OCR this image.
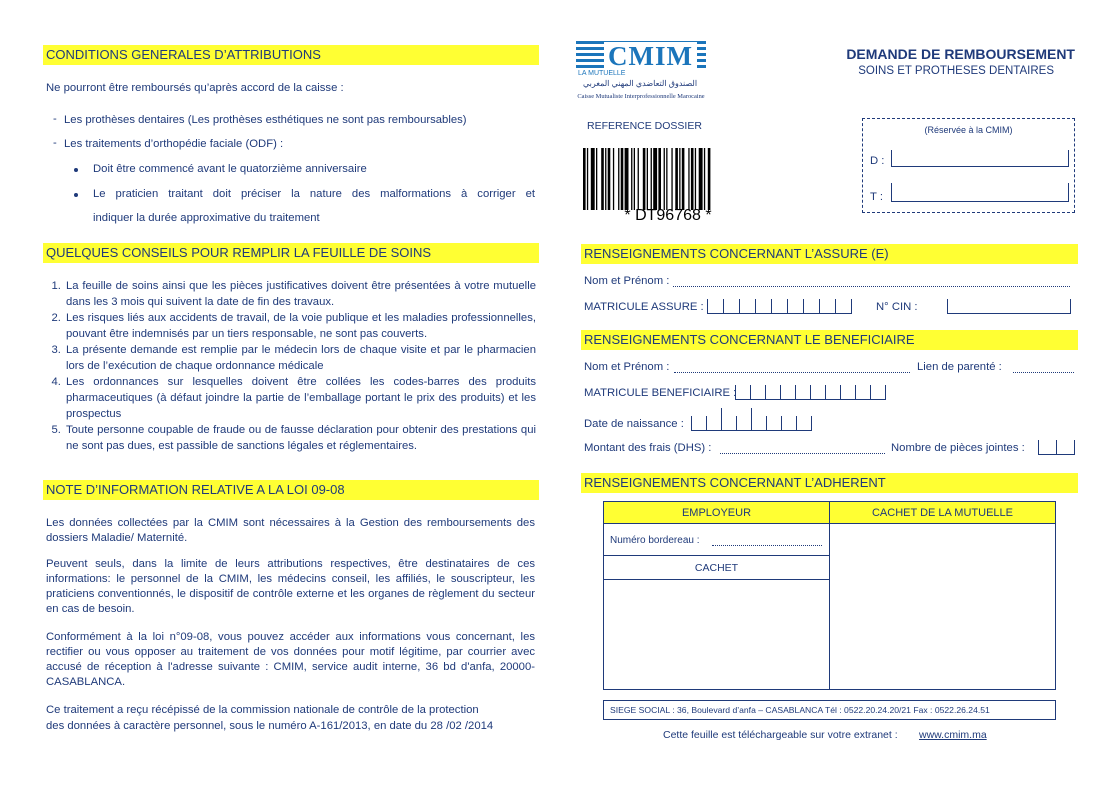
CONDITIONS GENERALES D’ATTRIBUTIONS
Ne pourront être remboursés qu’après accord de la caisse :
- Les prothèses dentaires (Les prothèses esthétiques ne sont pas remboursables)
- Les traitements d’orthopédie faciale (ODF) :
Doit être commencé avant le quatorzième anniversaire
Le praticien traitant doit préciser la nature des malformations à corriger et
indiquer la durée approximative du traitement
QUELQUES CONSEILS POUR REMPLIR LA FEUILLE DE SOINS
1. La feuille de soins ainsi que les pièces justificatives doivent être présentées à votre mutuelle dans les 3 mois qui suivent la date de fin des travaux.
2. Les risques liés aux accidents de travail, de la voie publique et les maladies professionnelles, pouvant être indemnisés par un tiers responsable, ne sont pas couverts.
3. La présente demande est remplie par le médecin lors de chaque visite et par le pharmacien lors de l’exécution de chaque ordonnance médicale
4. Les ordonnances sur lesquelles doivent être collées les codes-barres des produits pharmaceutiques (à défaut joindre la partie de l’emballage portant le prix des produits) et les prospectus
5. Toute personne coupable de fraude ou de fausse déclaration pour obtenir des prestations qui ne sont pas dues, est passible de sanctions légales et réglementaires.
NOTE D’INFORMATION RELATIVE A LA LOI 09-08
Les données collectées par la CMIM sont nécessaires à la Gestion des remboursements des dossiers Maladie/ Maternité.
Peuvent seuls, dans la limite de leurs attributions respectives, être destinataires de ces informations: le personnel de la CMIM, les médecins conseil, les affiliés, le souscripteur, les praticiens conventionnés, le dispositif de contrôle externe et les organes de règlement du secteur en cas de besoin.
Conformément à la loi n°09-08, vous pouvez accéder aux informations vous concernant, les rectifier ou vous opposer au traitement de vos données pour motif légitime, par courrier avec accusé de réception à l'adresse suivante : CMIM, service audit interne, 36 bd d'anfa, 20000-CASABLANCA.
Ce traitement a reçu récépissé de la commission nationale de contrôle de la protection
des données à caractère personnel, sous le numéro A-161/2013, en date du 28 /02 /2014
CMIM
LA MUTUELLE
الصندوق التعاضدي المهني المغربي
Caisse Mutualiste Interprofessionnelle Marocaine
DEMANDE DE REMBOURSEMENT
SOINS ET PROTHESES DENTAIRES
REFERENCE DOSSIER
* DT96768 *
(Réservée à la CMIM)
D :
T :
RENSEIGNEMENTS CONCERNANT L’ASSURE (E)
Nom et Prénom :
MATRICULE ASSURE :	N° CIN :
RENSEIGNEMENTS CONCERNANT LE BENEFICIAIRE
Nom et Prénom :	Lien de parenté :
MATRICULE BENEFICIAIRE :
Date de naissance :
Montant des frais (DHS) :	Nombre de pièces jointes :
RENSEIGNEMENTS CONCERNANT L’ADHERENT
EMPLOYEUR	CACHET DE LA MUTUELLE
Numéro bordereau :
CACHET
SIEGE SOCIAL : 36, Boulevard d’anfa – CASABLANCA Tél : 0522.20.24.20/21 Fax : 0522.26.24.51
Cette feuille est téléchargeable sur votre extranet : www.cmim.ma
